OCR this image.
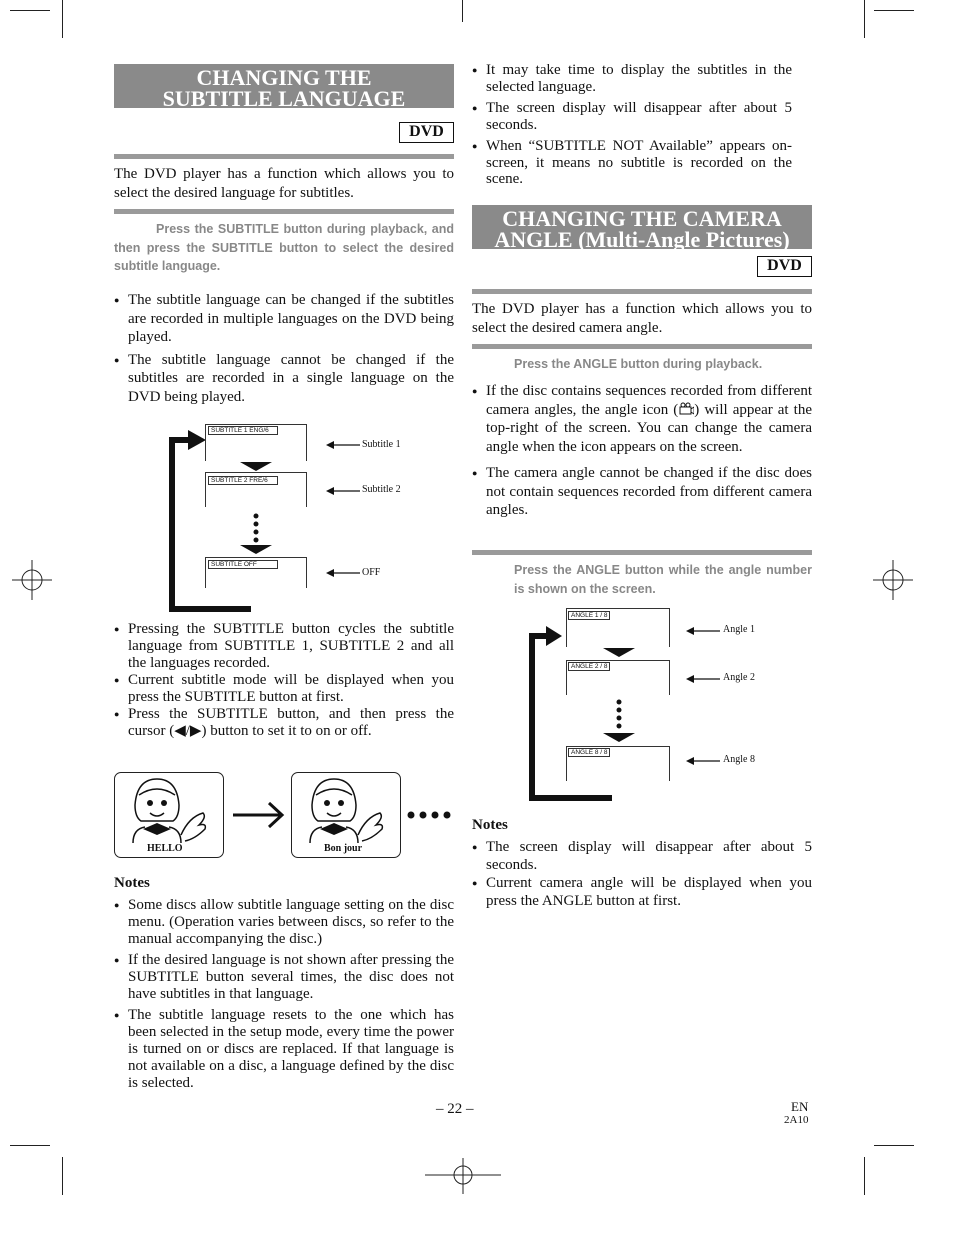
CHANGING THE SUBTITLE LANGUAGE
DVD

The DVD player has a function which allows you to select the desired language for subtitles.

Press the SUBTITLE button during playback, and then press the SUBTITLE button to select the desired subtitle language.
● The subtitle language can be changed if the subtitles are recorded in multiple languages on the DVD being played.
● The subtitle language cannot be changed if the subtitles are recorded in a single language on the DVD being played.
SUBTITLE 1 ENG/6
SUBTITLE 2 FRE/6
SUBTITLE OFF
Subtitle 1
Subtitle 2
OFF
● Pressing the SUBTITLE button cycles the subtitle language from SUBTITLE 1, SUBTITLE 2 and all the languages recorded.
● Current subtitle mode will be displayed when you press the SUBTITLE button at first.
● Press the SUBTITLE button, and then press the cursor (◀/▶) button to set it to on or off.
HELLO	Bon jour
Notes
● Some discs allow subtitle language setting on the disc menu. (Operation varies between discs, so refer to the manual accompanying the disc.)
● If the desired language is not shown after pressing the SUBTITLE button several times, the disc does not have subtitles in that language.
● The subtitle language resets to the one which has been selected in the setup mode, every time the power is turned on or discs are replaced. If that language is not available on a disc, a language defined by the disc is selected.
● It may take time to display the subtitles in the selected language.
● The screen display will disappear after about 5 seconds.
● When “SUBTITLE NOT Available” appears on-screen, it means no subtitle is recorded on the scene.
CHANGING THE CAMERA ANGLE (Multi-Angle Pictures)
DVD

The DVD player has a function which allows you to select the desired camera angle.

Press the ANGLE button during playback.
● If the disc contains sequences recorded from different camera angles, the angle icon ( ) will appear at the top-right of the screen. You can change the camera angle when the icon appears on the screen.
● The camera angle cannot be changed if the disc does not contain sequences recorded from different camera angles.
Press the ANGLE button while the angle number is shown on the screen.
ANGLE 1 / 8
ANGLE 2 / 8
ANGLE 8 / 8
Angle 1
Angle 2
Angle 8
Notes
● The screen display will disappear after about 5 seconds.
● Current camera angle will be displayed when you press the ANGLE button at first.
– 22 –	EN
2A10
